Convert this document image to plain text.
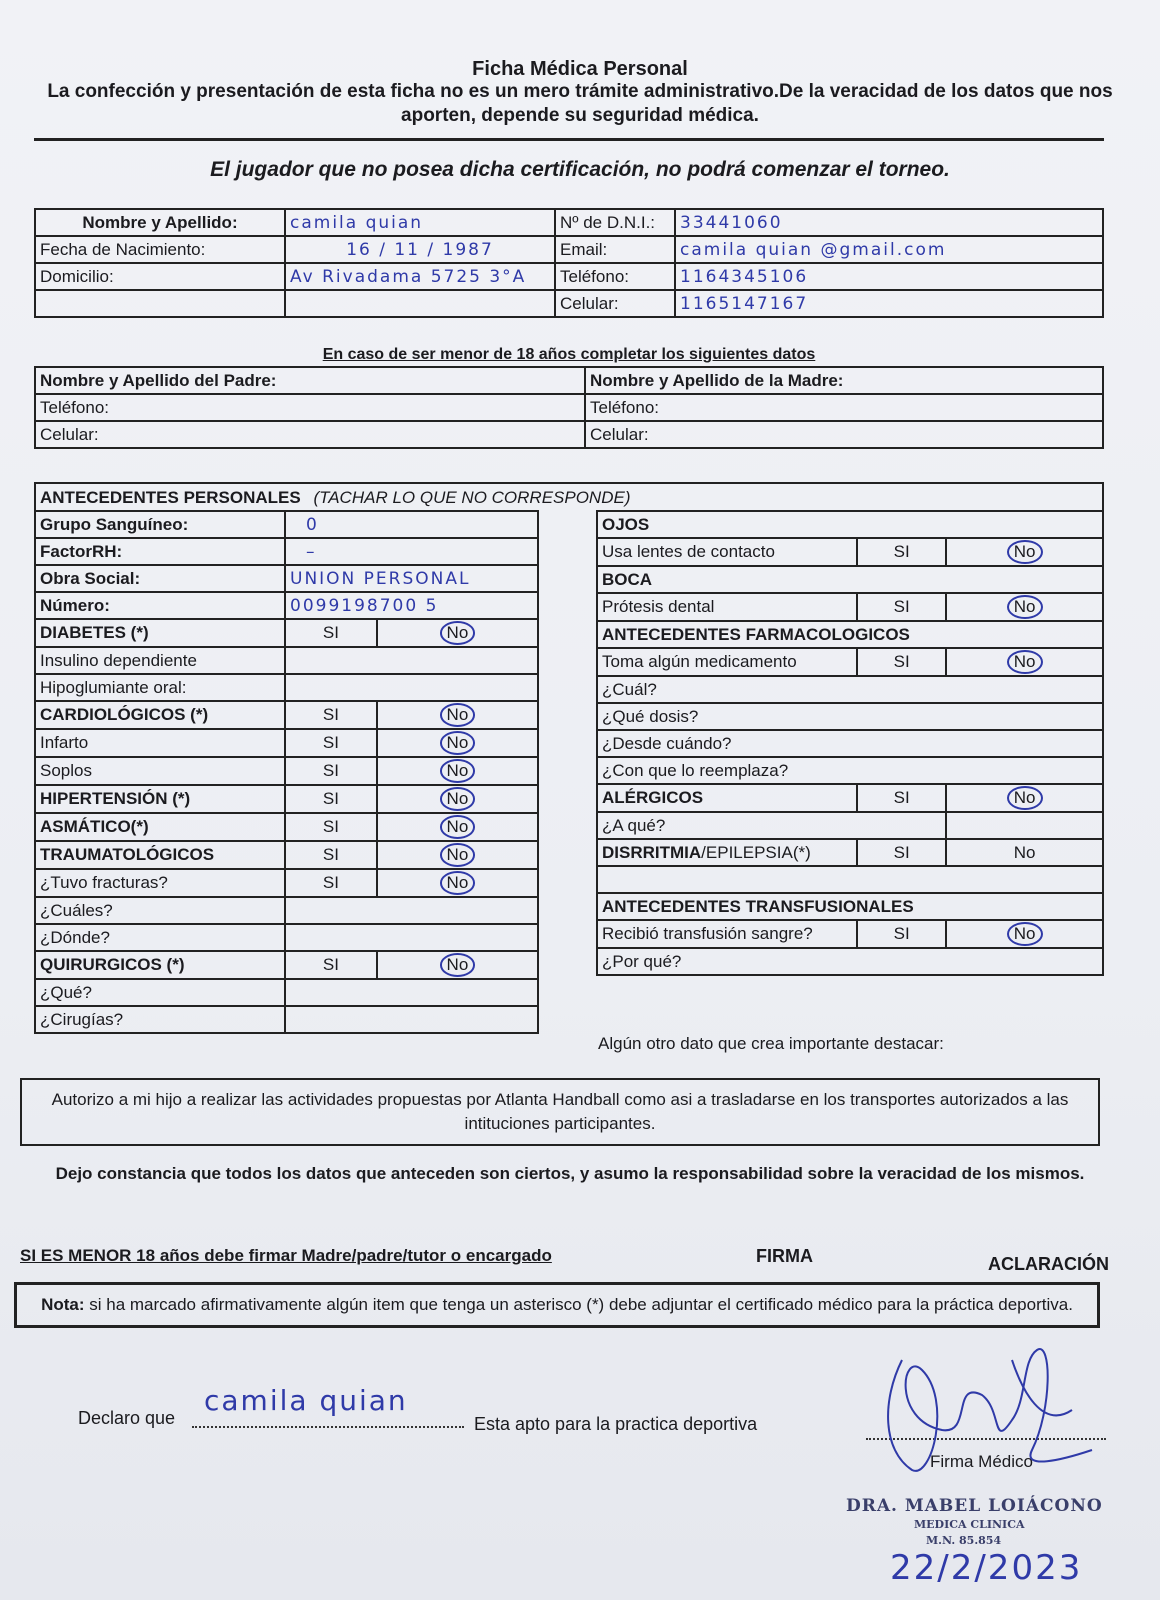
Ficha Médica Personal
La confección y presentación de esta ficha no es un mero trámite administrativo.De la veracidad de los datos que nos aporten, depende su seguridad médica.
El jugador que no posea dicha certificación, no podrá comenzar el torneo.
Nombre y Apellido:	camila quian	Nº de D.N.I.:	33441060
Fecha de Nacimiento:	16 / 11 / 1987	Email:	camila quian @gmail.com
Domicilio:	Av Rivadama 5725 3°A	Teléfono:	1164345106
		Celular:	1165147167
En caso de ser menor de 18 años completar los siguientes datos
Nombre y Apellido del Padre:	Nombre y Apellido de la Madre:
Teléfono:	Teléfono:
Celular:	Celular:
ANTECEDENTES PERSONALES (TACHAR LO QUE NO CORRESPONDE)
Grupo Sanguíneo:	0	
FactorRH:	–	
Obra Social:	UNION PERSONAL	
Número:	0099198700 5	
DIABETES (*)	SI	No
Insulino dependiente		
Hipoglumiante oral:		
CARDIOLÓGICOS (*)	SI	No
Infarto	SI	No
Soplos	SI	No
HIPERTENSIÓN (*)	SI	No
ASMÁTICO(*)	SI	No
TRAUMATOLÓGICOS	SI	No
¿Tuvo fracturas?	SI	No
¿Cuáles?		
¿Dónde?		
QUIRURGICOS (*)	SI	No
¿Qué?		
¿Cirugías?		
OJOS		
Usa lentes de contacto	SI	No
BOCA		
Prótesis dental	SI	No
ANTECEDENTES FARMACOLOGICOS		
Toma algún medicamento	SI	No
¿Cuál?		
¿Qué dosis?		
¿Desde cuándo?		
¿Con que lo reemplaza?		
ALÉRGICOS	SI	No
¿A qué?		
DISRRITMIA/EPILEPSIA(*)	SI	No

ANTECEDENTES TRANSFUSIONALES		
Recibió transfusión sangre?	SI	No
¿Por qué?		
Algún otro dato que crea importante destacar:
Autorizo a mi hijo a realizar las actividades propuestas por Atlanta Handball como asi a trasladarse en los transportes autorizados a las intituciones participantes.
Dejo constancia que todos los datos que anteceden son ciertos, y asumo la responsabilidad sobre la veracidad de los mismos.
SI ES MENOR 18 años debe firmar Madre/padre/tutor o encargado	FIRMA	ACLARACIÓN
Nota: si ha marcado afirmativamente algún item que tenga un asterisco (*) debe adjuntar el certificado médico para la práctica deportiva.
Declaro que
camila quian
Esta apto para la practica deportiva
Firma Médico
DRA. MABEL LOIÁCONO
MEDICA CLINICA
M.N. 85.854
22/2/2023
